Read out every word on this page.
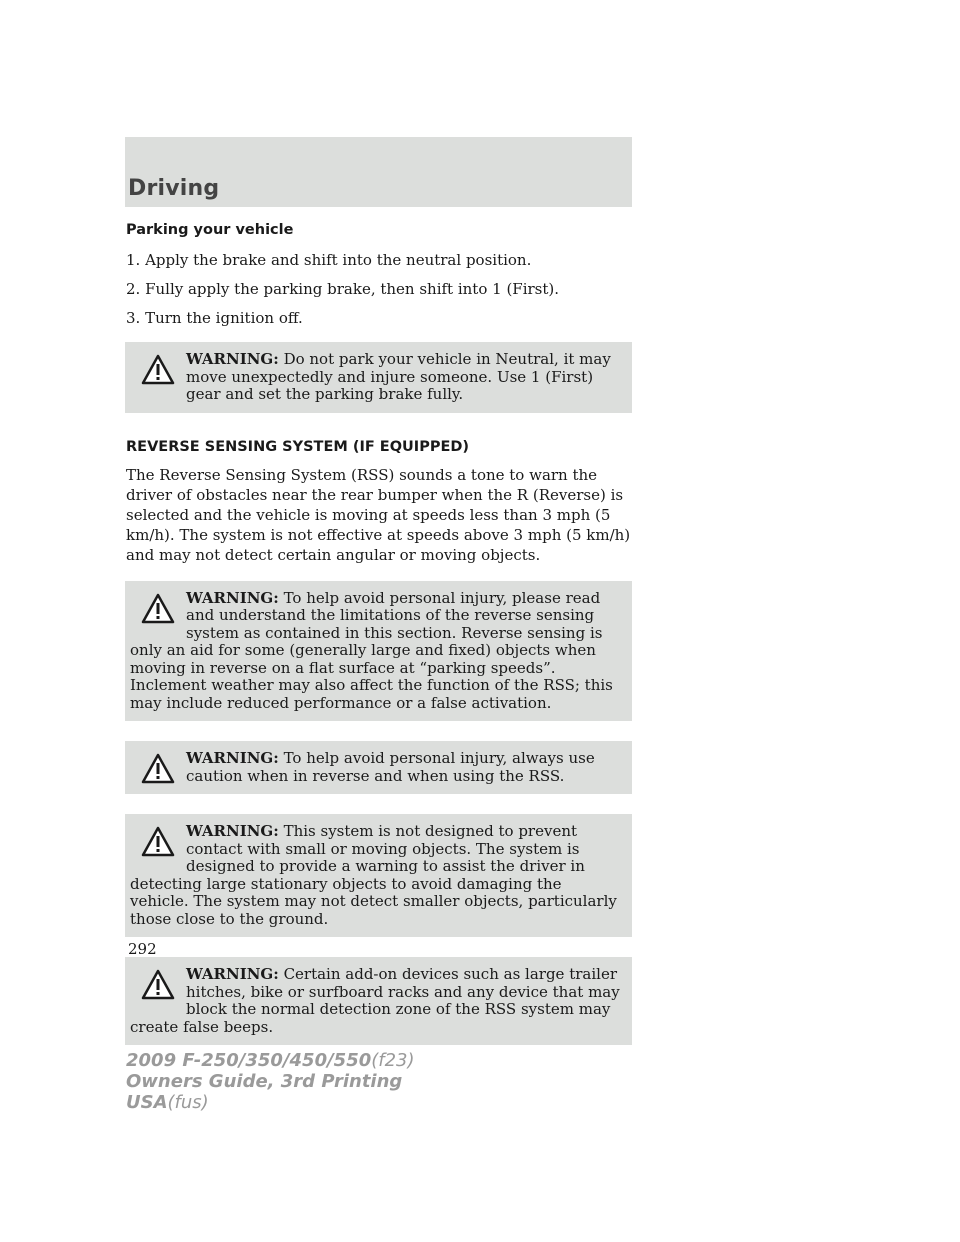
Driving
Parking your vehicle

1. Apply the brake and shift into the neutral position.

2. Fully apply the parking brake, then shift into 1 (First).

3. Turn the ignition off.

WARNING: Do not park your vehicle in Neutral, it may move unexpectedly and injure someone. Use 1 (First) gear and set the parking brake fully.
REVERSE SENSING SYSTEM (IF EQUIPPED)

The Reverse Sensing System (RSS) sounds a tone to warn the driver of obstacles near the rear bumper when the R (Reverse) is selected and the vehicle is moving at speeds less than 3 mph (5 km/h). The system is not effective at speeds above 3 mph (5 km/h) and may not detect certain angular or moving objects.

WARNING: To help avoid personal injury, please read and understand the limitations of the reverse sensing system as contained in this section. Reverse sensing is only an aid for some (generally large and fixed) objects when moving in reverse on a flat surface at “parking speeds”. Inclement weather may also affect the function of the RSS; this may include reduced performance or a false activation.
WARNING: To help avoid personal injury, always use caution when in reverse and when using the RSS.
WARNING: This system is not designed to prevent contact with small or moving objects. The system is designed to provide a warning to assist the driver in detecting large stationary objects to avoid damaging the vehicle. The system may not detect smaller objects, particularly those close to the ground.
WARNING: Certain add-on devices such as large trailer hitches, bike or surfboard racks and any device that may block the normal detection zone of the RSS system may create false beeps.
292
2009 F-250/350/450/550(f23)
Owners Guide, 3rd Printing
USA(fus)
